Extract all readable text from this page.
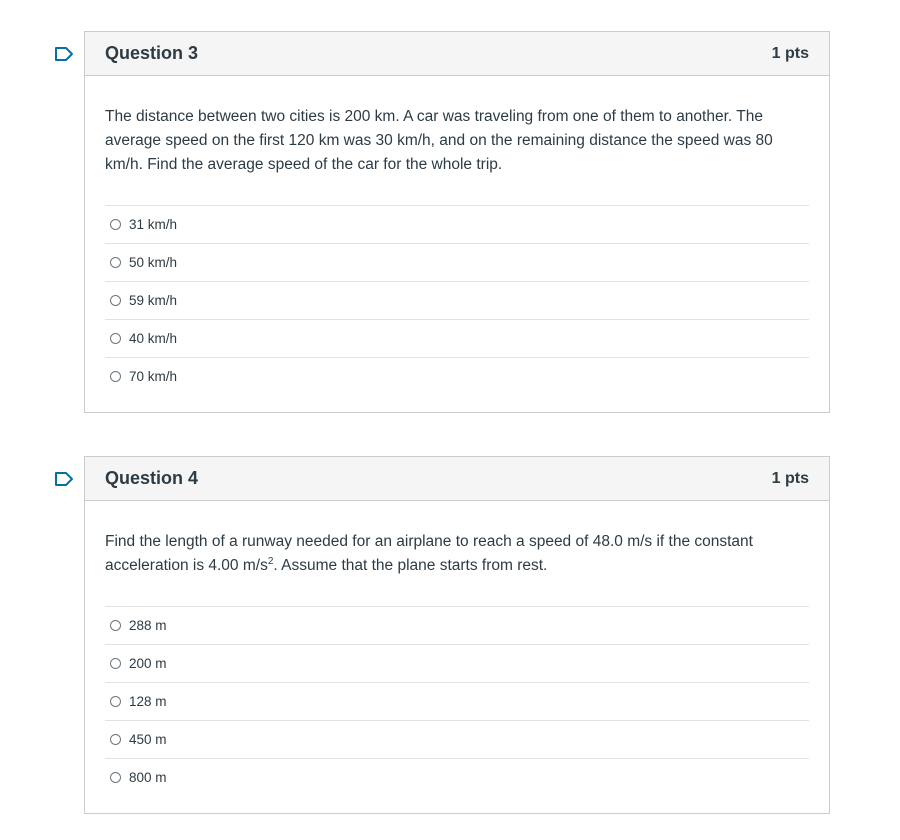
Question 3	1 pts

The distance between two cities is 200 km. A car was traveling from one of them to another. The average speed on the first 120 km was 30 km/h, and on the remaining distance the speed was 80 km/h. Find the average speed of the car for the whole trip.

31 km/h
50 km/h
59 km/h
40 km/h
70 km/h
Question 4	1 pts

Find the length of a runway needed for an airplane to reach a speed of 48.0 m/s if the constant acceleration is 4.00 $m/s^2$. Assume that the plane starts from rest.

288 m
200 m
128 m
450 m
800 m
